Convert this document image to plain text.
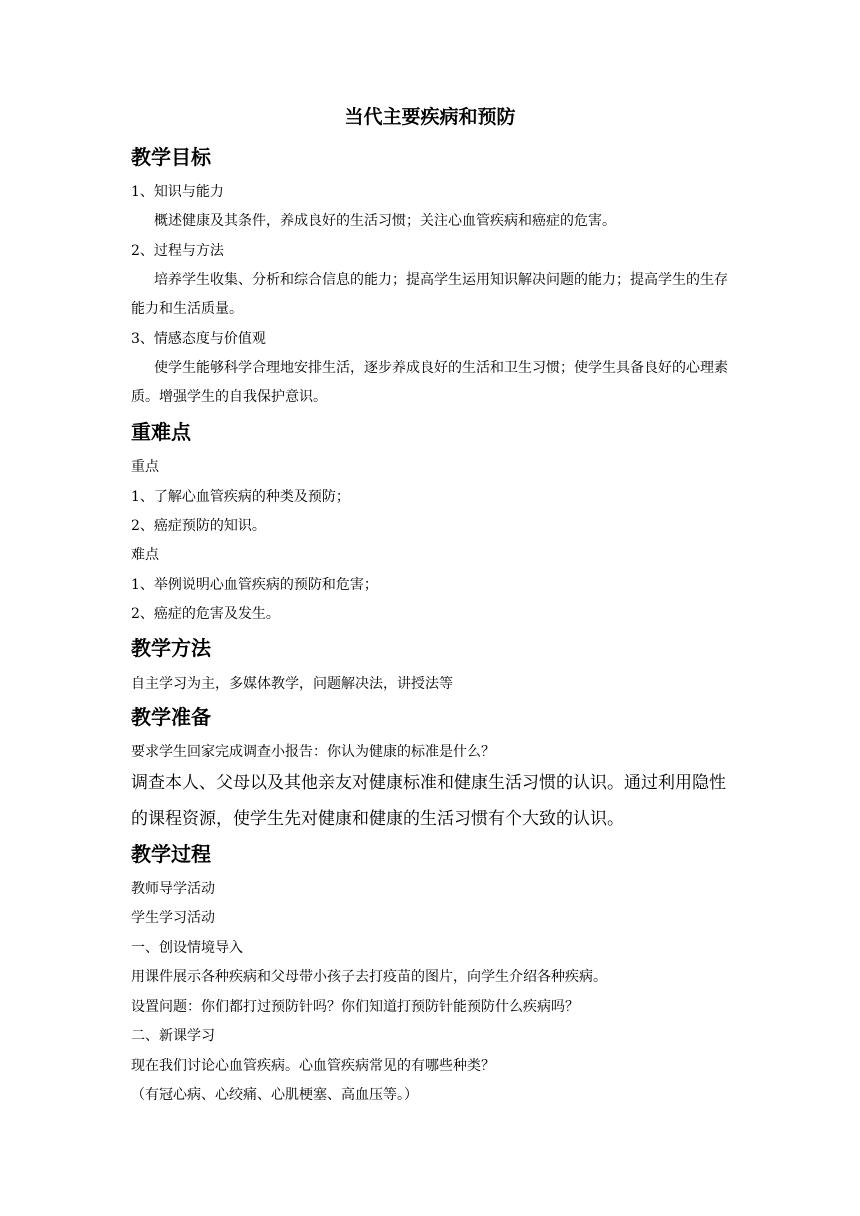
当代主要疾病和预防
教学目标
1、知识与能力
概述健康及其条件，养成良好的生活习惯；关注心血管疾病和癌症的危害。
2、过程与方法
培养学生收集、分析和综合信息的能力；提高学生运用知识解决问题的能力；提高学生的生存能力和生活质量。
3、情感态度与价值观
使学生能够科学合理地安排生活，逐步养成良好的生活和卫生习惯；使学生具备良好的心理素质。增强学生的自我保护意识。
重难点
重点
1、了解心血管疾病的种类及预防；
2、癌症预防的知识。
难点
1、举例说明心血管疾病的预防和危害；
2、癌症的危害及发生。
教学方法
自主学习为主，多媒体教学，问题解决法，讲授法等
教学准备
要求学生回家完成调查小报告：你认为健康的标准是什么？
调查本人、父母以及其他亲友对健康标准和健康生活习惯的认识。通过利用隐性的课程资源，使学生先对健康和健康的生活习惯有个大致的认识。
教学过程
教师导学活动
学生学习活动
一、创设情境导入
用课件展示各种疾病和父母带小孩子去打疫苗的图片，向学生介绍各种疾病。
设置问题：你们都打过预防针吗？你们知道打预防针能预防什么疾病吗？
二、新课学习
现在我们讨论心血管疾病。心血管疾病常见的有哪些种类？
（有冠心病、心绞痛、心肌梗塞、高血压等。）
